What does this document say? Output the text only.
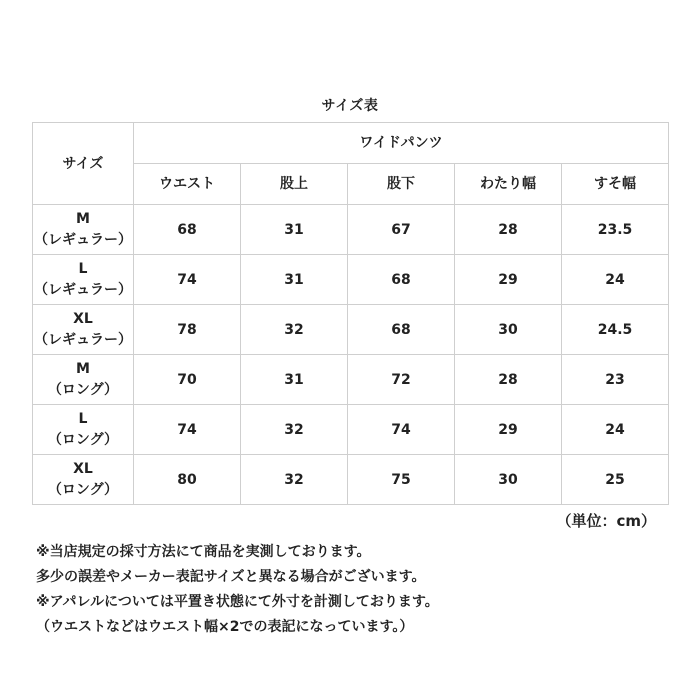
サイズ表
サイズ	ワイドパンツ				
	ウエスト	股上	股下	わたり幅	すそ幅

M
（レギュラー）	68	31	67	28	23.5

L
（レギュラー）	74	31	68	29	24

XL
（レギュラー）	78	32	68	30	24.5

M
（ロング）	70	31	72	28	23

L
（ロング）	74	32	74	29	24

XL
（ロング）	80	32	75	30	25
（単位：cm）
※当店規定の採寸方法にて商品を実測しております。
多少の誤差やメーカー表記サイズと異なる場合がございます。
※アパレルについては平置き状態にて外寸を計測しております。
（ウエストなどはウエスト幅×2での表記になっています。）
